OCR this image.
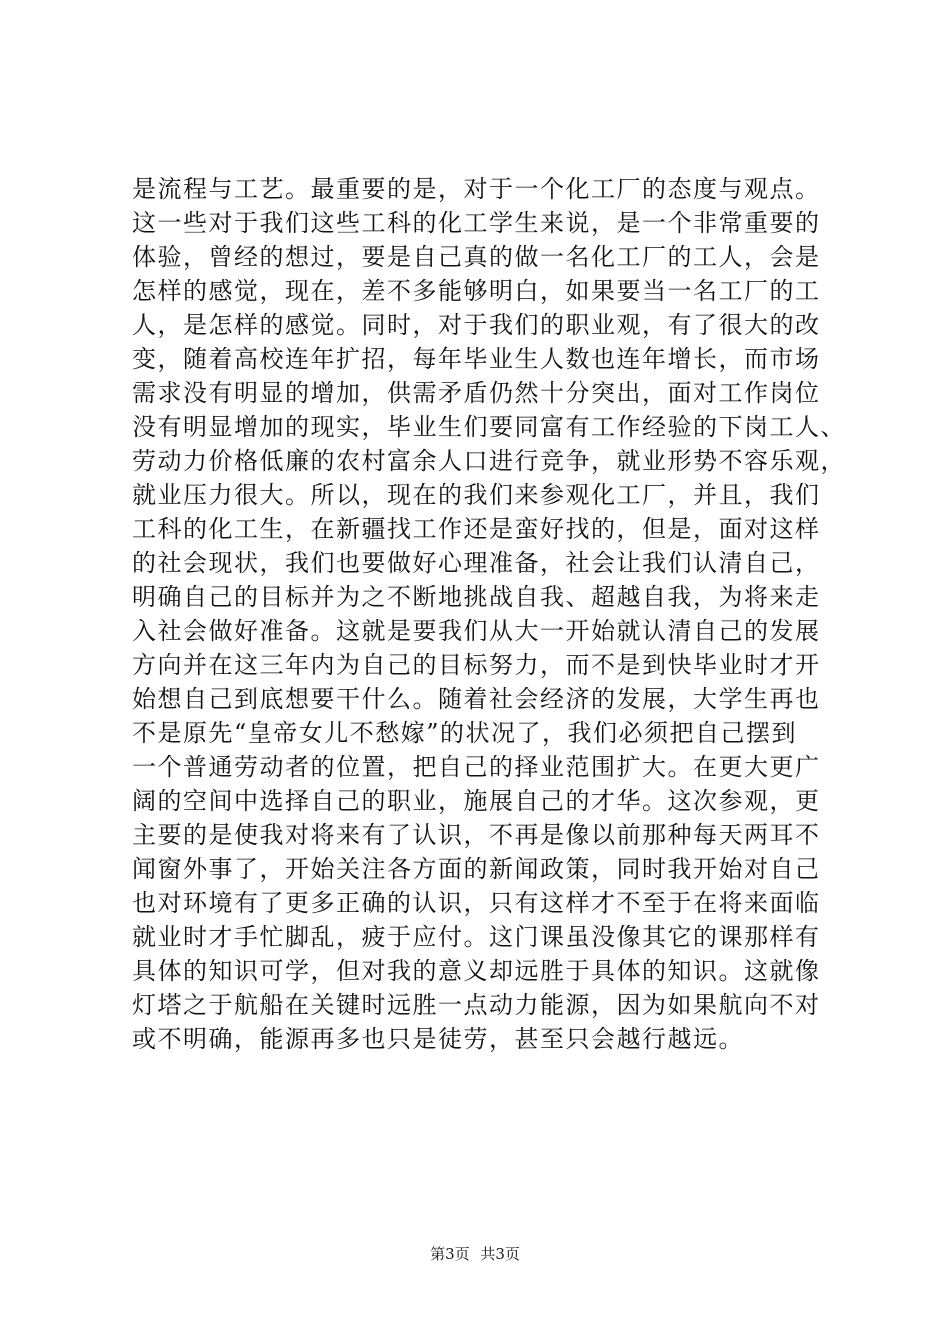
是流程与工艺。最重要的是，对于一个化工厂的态度与观点。
这一些对于我们这些工科的化工学生来说，是一个非常重要的
体验，曾经的想过，要是自己真的做一名化工厂的工人，会是
怎样的感觉，现在，差不多能够明白，如果要当一名工厂的工
人，是怎样的感觉。同时，对于我们的职业观，有了很大的改
变，随着高校连年扩招，每年毕业生人数也连年增长，而市场
需求没有明显的增加，供需矛盾仍然十分突出，面对工作岗位
没有明显增加的现实，毕业生们要同富有工作经验的下岗工人、
劳动力价格低廉的农村富余人口进行竞争，就业形势不容乐观，
就业压力很大。所以，现在的我们来参观化工厂，并且，我们
工科的化工生，在新疆找工作还是蛮好找的，但是，面对这样
的社会现状，我们也要做好心理准备，社会让我们认清自己，
明确自己的目标并为之不断地挑战自我、超越自我，为将来走
入社会做好准备。这就是要我们从大一开始就认清自己的发展
方向并在这三年内为自己的目标努力，而不是到快毕业时才开
始想自己到底想要干什么。随着社会经济的发展，大学生再也
不是原先“皇帝女儿不愁嫁”的状况了，我们必须把自己摆到
一个普通劳动者的位置，把自己的择业范围扩大。在更大更广
阔的空间中选择自己的职业，施展自己的才华。这次参观，更
主要的是使我对将来有了认识，不再是像以前那种每天两耳不
闻窗外事了，开始关注各方面的新闻政策，同时我开始对自己
也对环境有了更多正确的认识，只有这样才不至于在将来面临
就业时才手忙脚乱，疲于应付。这门课虽没像其它的课那样有
具体的知识可学，但对我的意义却远胜于具体的知识。这就像
灯塔之于航船在关键时远胜一点动力能源，因为如果航向不对
或不明确，能源再多也只是徒劳，甚至只会越行越远。
第3页 共3页
